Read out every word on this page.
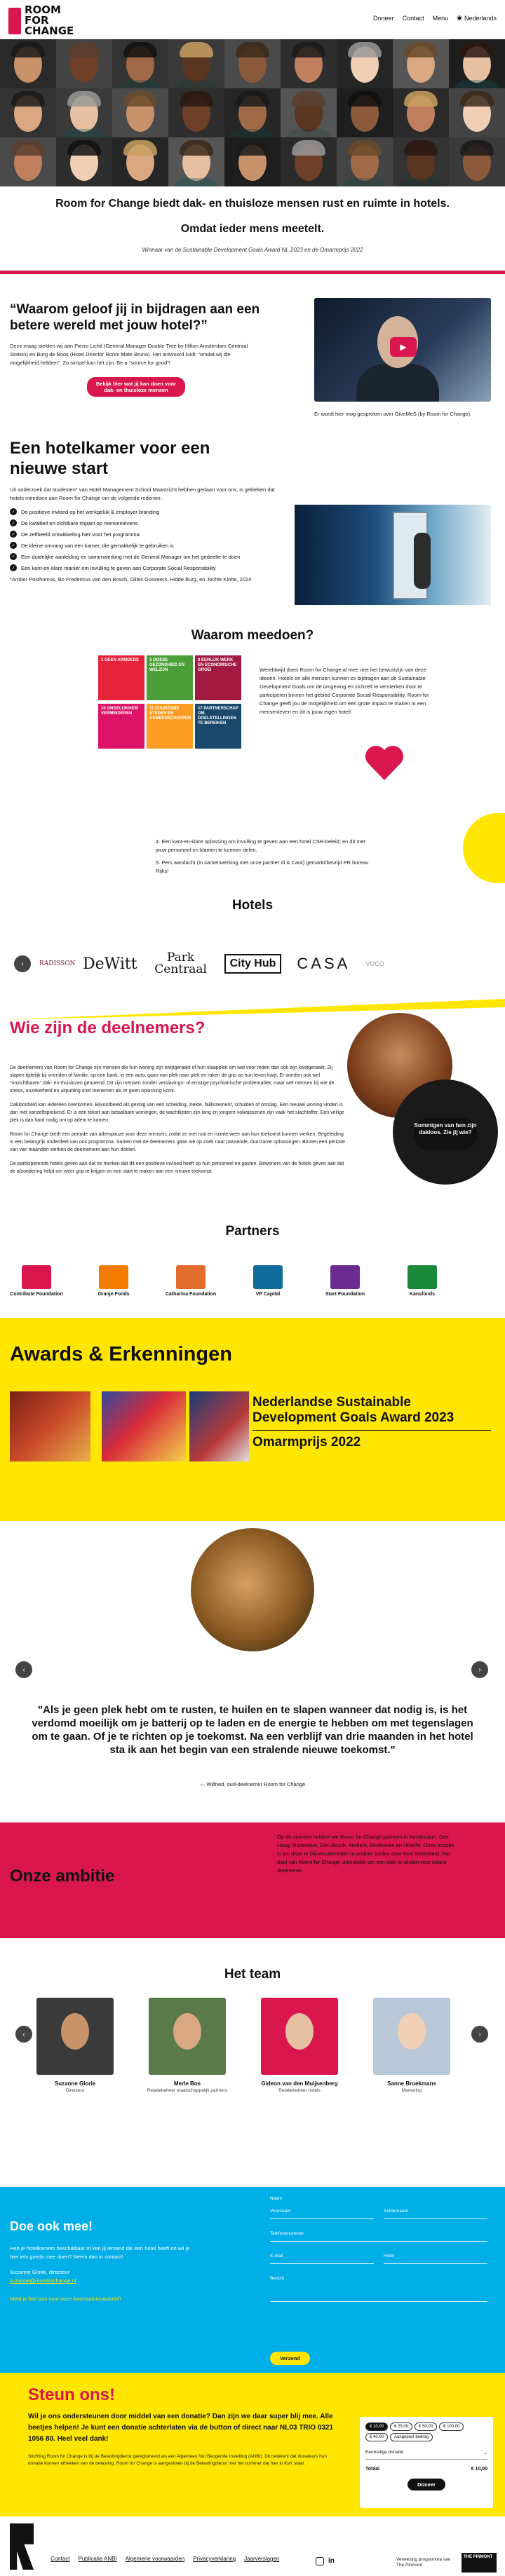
ROOM FOR CHANGE
Doneer Contact Menu ◉ Nederlands
Room for Change biedt dak- en thuisloze mensen rust en ruimte in hotels.
Omdat ieder mens meetelt.
Winnaar van de Sustainable Development Goals Award NL 2023 en de Omarmprijs 2022
“Waarom geloof jij in bijdragen aan een betere wereld met jouw hotel?”
Deze vraag stelden wij aan Pierro Lichtl (General Manager Double Tree by Hilton Amsterdam Centraal Station) en Burg de Boos (Hotel Director Room Mate Bruno). Het antwoord luidt: “omdat wij die mogelijkheid hebben”. Zo simpel kan het zijn. Be a “source for good”!
Bekijk hier wat jij kan doen voor dak- en thuisloze mensen
▶
Er wordt hier mog gesproken over GiveMeS (by Room for Change).
Een hotelkamer voor een nieuwe start
Uit onderzoek dat studenten* van Hotel Management School Maastricht hebben gedaan voor ons, is gebleken dat hotels meedoen aan Room for Change om de volgende redenen:
✓	De positieve invloed op het werkgeluk & employer branding
✓	De kwaliteit en zichtbare impact op mensenlevens
✓	De zelfbeeld ontwikkeling hier voor het programma
✓	De kleine omvang van een kamer, die gemakkelijk te gebruiken is
✓	Een duidelijke aanleiding en samenwerking met de General Manager om het gedeelte te doen
✓	Een kant-en-klare manier om invulling te geven aan Corporate Social Responsibility
*Amber Posthumus, Bo Fredericus van den Bosch, Gilles Gosseers, Hidde Burg, en Jochie Klotte, 2024
Waarom meedoen?
1 GEEN ARMOEDE	3 GOEDE GEZONDHEID EN WELZIJN
8 EERLIJK WERK EN ECONOMISCHE GROEI
10 ONGELIJKHEID VERMINDEREN
11 DUURZAME STEDEN EN GEMEENSCHAPPEN
17 PARTNERSCHAP OM DOELSTELLINGEN TE BEREIKEN
Wereldwijd doen Room for Change al mee met het bewustzijn van deze ideeën. Hotels en alle mensen kunnen zo bijdragen aan de Sustainable Development Goals om de omgeving en zichzelf te versterken door te participeren binnen het gebied Corporate Social Responsibility. Room for Change geeft jou de mogelijkheid om een grote impact te maken in een mensenleven en dit is jouw eigen hotel!
4. Een kant-en-klare oplossing om invulling te geven aan een hotel CSR-beleid; en dit met jouw personeel en klanten te kunnen delen.
5. Pers aandacht (in samenwerking met onze partner di & Cara) gemarkt/bevrijd PR bureau Rijks!
Hotels
‹	RADISSON DeWitt	Park Centraal	City Hub	CASA VOCO
Wie zijn de deelnemers?
De deelnemers van Room for Change zijn mensen die hun woning zijn kwijtgeraakt of hun slaapplek om wat voor reden dan ook zijn kwijtgeraakt. Zij slapen tijdelijk bij vrienden of familie, op een bank, in een auto, gaan van plek naar plek en raken de grip op hun leven kwijt. Er worden ook wel "onzichtbaren" dak- en thuislozen genoemd. Dit zijn mensen zonder verslavings- of ernstige psychiatrische problematiek; maar wel mensen bij wie de stress, onzekerheid en uitputting snel toenemen als er geen oplossing komt.
Dakloosheid kan iedereen overkomen. Bijvoorbeeld als gevolg van een scheiding, ziekte, faillissement, schulden of ontslag. Een nieuwe woning vinden is dan niet vanzelfsprekend. Er is een tekort aan betaalbare woningen, de wachtlijsten zijn lang en jongere volwassenen zijn vaak het slachtoffer. Een veilige plek is dan hard nodig om op adem te komen.
Room for Change biedt een periode van adempauze voor deze mensen, zodat ze met rust en ruimte weer aan hun toekomst kunnen werken. Begeleiding is een belangrijk onderdeel van ons programma. Samen met de deelnemers gaan we op zoek naar passende, duurzame oplossingen. Binnen een periode van vier maanden werken de deelnemers aan hun doelen.
De participerende hotels geven aan dat ze merken dat dit een positieve invloed heeft op hun personeel en gasten. Bewoners van de hotels geven aan dat de afzondering helpt om weer grip te krijgen en een start te maken aan een nieuwe toekomst.
Sommigen van hen zijn dakloos. Zie jij wie?
Partners
Contribute Foundation	Oranje Fonds	Catharina Foundation	VP Capital	Start Foundation	Kansfonds
Awards & Erkenningen
Nederlandse Sustainable Development Goals Award 2023
Omarmprijs 2022
‹	›
"Als je geen plek hebt om te rusten, te huilen en te slapen wanneer dat nodig is, is het verdomd moeilijk om je batterij op te laden en de energie te hebben om met tegenslagen om te gaan. Of je te richten op je toekomst. Na een verblijf van drie maanden in het hotel sta ik aan het begin van een stralende nieuwe toekomst."
— Wilfried, oud-deelnemer Room for Change
Onze ambitie
Op dit moment hebben we Room for Change partners in Amsterdam, Den Haag, Rotterdam, Den Bosch, Arnhem, Eindhoven en Utrecht. Onze ambitie is om deze te blijven uitbreiden in andere steden door heel Nederland. Het doel van Room for Change uiteindelijk om een plek te vinden voor iedere deelnemer.
Het team
‹	›
Suzanne Glorie
Directeur
Merle Bos
Relatiebeheer maatschappelijk partners
Gideon van den Muijsenberg
Relatiebeheer hotels
Sanne Broekmans
Marketing
Doe ook mee!
Heb je hotelkamers beschikbaar of ken jij iemand die een hotel heeft en wil je hier iets goeds mee doen? Neem dan in contact!
Suzanne Glorie, directeur
suzanne@roomforchange.nl
Meld je hier aan voor onze kwartaalnieuwsbrief!
Naam
Voornaam	Achternaam
Telefoonnummer
E-mail	Hotel
Bericht
Verzend
Steun ons!
Wil je ons ondersteunen door middel van een donatie? Dan zijn we daar super blij mee. Alle beetjes helpen! Je kunt een donatie achterlaten via de button of direct naar NL03 TRIO 0321 1056 80. Heel veel dank!
Stichting Room for Change is bij de Belastingdienst geregistreerd als een Algemeen Nut Beogende Instelling (ANBI). Dit betekent dat donateurs hun donatie kunnen aftrekken van de belasting. Room for Change is aangesloten bij de Belastingdienst met het nummer dat hier in KvK staat.
€ 10,00	€ 25,00	€ 50,00	€ 100,00€ 40,00	Aangepast bedrag
Eenmalige donatie	⌄
Totaal	€ 10,00
Doneer
Contact Publicatie ANBI Algemene voorwaarden Privacyverklaring Jaarverslagen	in	Verwezing programma van The Pinmont
THE PINMONT
